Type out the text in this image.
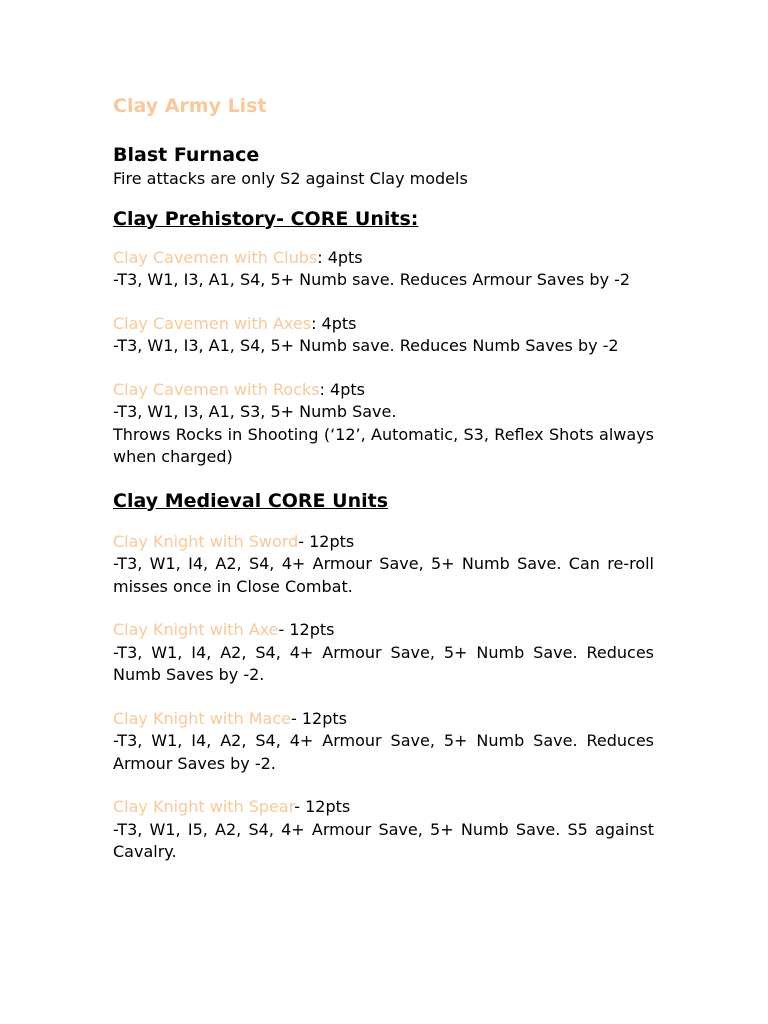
Clay Army List
Blast Furnace

Fire attacks are only S2 against Clay models

Clay Prehistory- CORE Units:

Clay Cavemen with Clubs: 4pts

-T3, W1, I3, A1, S4, 5+ Numb save. Reduces Armour Saves by -2

Clay Cavemen with Axes: 4pts

-T3, W1, I3, A1, S4, 5+ Numb save. Reduces Numb Saves by -2

Clay Cavemen with Rocks: 4pts

-T3, W1, I3, A1, S3, 5+ Numb Save.

Throws Rocks in Shooting (‘12’, Automatic, S3, Reflex Shots always when charged)

Clay Medieval CORE Units

Clay Knight with Sword- 12pts

-T3, W1, I4, A2, S4, 4+ Armour Save, 5+ Numb Save. Can re-roll misses once in Close Combat.

Clay Knight with Axe- 12pts

-T3, W1, I4, A2, S4, 4+ Armour Save, 5+ Numb Save. Reduces Numb Saves by -2.

Clay Knight with Mace- 12pts

-T3, W1, I4, A2, S4, 4+ Armour Save, 5+ Numb Save. Reduces Armour Saves by -2.

Clay Knight with Spear- 12pts

-T3, W1, I5, A2, S4, 4+ Armour Save, 5+ Numb Save. S5 against Cavalry.
